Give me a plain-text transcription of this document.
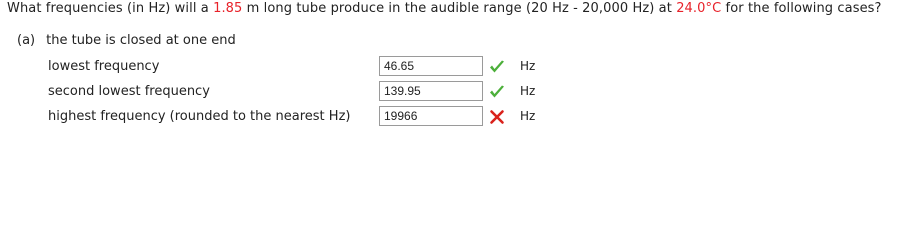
What frequencies (in Hz) will a 1.85 m long tube produce in the audible range (20 Hz - 20,000 Hz) at 24.0°C for the following cases?
(a) the tube is closed at one end
lowest frequency
46.65	Hz
second lowest frequency
139.95	Hz
highest frequency (rounded to the nearest Hz)
19966	Hz
